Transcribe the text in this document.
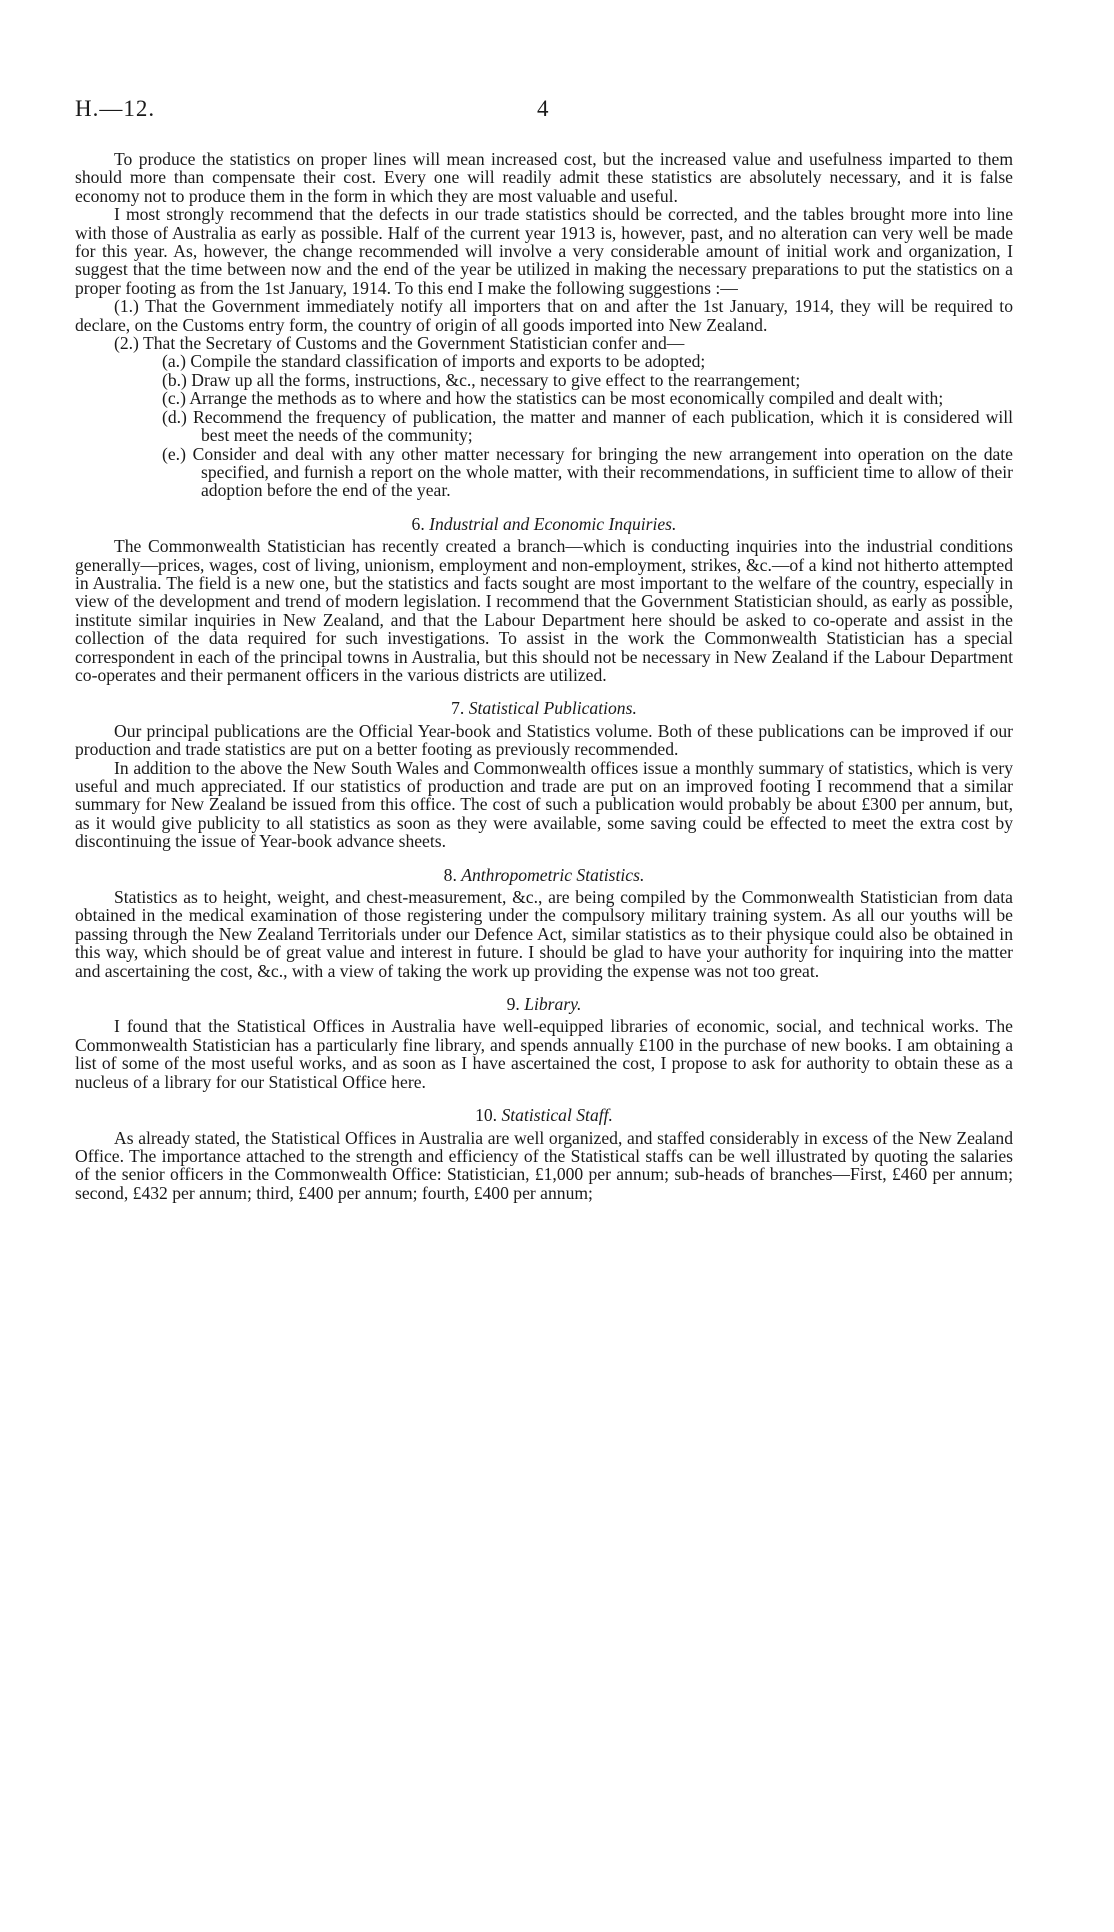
H.—12.	4

To produce the statistics on proper lines will mean increased cost, but the increased value and usefulness imparted to them should more than compensate their cost. Every one will readily admit these statistics are absolutely necessary, and it is false economy not to produce them in the form in which they are most valuable and useful.

I most strongly recommend that the defects in our trade statistics should be corrected, and the tables brought more into line with those of Australia as early as possible. Half of the current year 1913 is, however, past, and no alteration can very well be made for this year. As, however, the change recommended will involve a very considerable amount of initial work and organization, I suggest that the time between now and the end of the year be utilized in making the necessary preparations to put the statistics on a proper footing as from the 1st January, 1914. To this end I make the following suggestions :—

(1.) That the Government immediately notify all importers that on and after the 1st January, 1914, they will be required to declare, on the Customs entry form, the country of origin of all goods imported into New Zealand.

(2.) That the Secretary of Customs and the Government Statistician confer and—

(a.) Compile the standard classification of imports and exports to be adopted;

(b.) Draw up all the forms, instructions, &c., necessary to give effect to the rearrangement;

(c.) Arrange the methods as to where and how the statistics can be most economically compiled and dealt with;

(d.) Recommend the frequency of publication, the matter and manner of each publication, which it is considered will best meet the needs of the community;

(e.) Consider and deal with any other matter necessary for bringing the new arrangement into operation on the date specified, and furnish a report on the whole matter, with their recommendations, in sufficient time to allow of their adoption before the end of the year.

6. Industrial and Economic Inquiries.

The Commonwealth Statistician has recently created a branch—which is conducting inquiries into the industrial conditions generally—prices, wages, cost of living, unionism, employment and non-employment, strikes, &c.—of a kind not hitherto attempted in Australia. The field is a new one, but the statistics and facts sought are most important to the welfare of the country, especially in view of the development and trend of modern legislation. I recommend that the Government Statistician should, as early as possible, institute similar inquiries in New Zealand, and that the Labour Department here should be asked to co-operate and assist in the collection of the data required for such investigations. To assist in the work the Commonwealth Statistician has a special correspondent in each of the principal towns in Australia, but this should not be necessary in New Zealand if the Labour Department co-operates and their permanent officers in the various districts are utilized.

7. Statistical Publications.

Our principal publications are the Official Year-book and Statistics volume. Both of these publications can be improved if our production and trade statistics are put on a better footing as previously recommended.

In addition to the above the New South Wales and Commonwealth offices issue a monthly summary of statistics, which is very useful and much appreciated. If our statistics of production and trade are put on an improved footing I recommend that a similar summary for New Zealand be issued from this office. The cost of such a publication would probably be about £300 per annum, but, as it would give publicity to all statistics as soon as they were available, some saving could be effected to meet the extra cost by discontinuing the issue of Year-book advance sheets.

8. Anthropometric Statistics.

Statistics as to height, weight, and chest-measurement, &c., are being compiled by the Commonwealth Statistician from data obtained in the medical examination of those registering under the compulsory military training system. As all our youths will be passing through the New Zealand Territorials under our Defence Act, similar statistics as to their physique could also be obtained in this way, which should be of great value and interest in future. I should be glad to have your authority for inquiring into the matter and ascertaining the cost, &c., with a view of taking the work up providing the expense was not too great.

9. Library.

I found that the Statistical Offices in Australia have well-equipped libraries of economic, social, and technical works. The Commonwealth Statistician has a particularly fine library, and spends annually £100 in the purchase of new books. I am obtaining a list of some of the most useful works, and as soon as I have ascertained the cost, I propose to ask for authority to obtain these as a nucleus of a library for our Statistical Office here.

10. Statistical Staff.

As already stated, the Statistical Offices in Australia are well organized, and staffed considerably in excess of the New Zealand Office. The importance attached to the strength and efficiency of the Statistical staffs can be well illustrated by quoting the salaries of the senior officers in the Commonwealth Office: Statistician, £1,000 per annum; sub-heads of branches—First, £460 per annum; second, £432 per annum; third, £400 per annum; fourth, £400 per annum;
